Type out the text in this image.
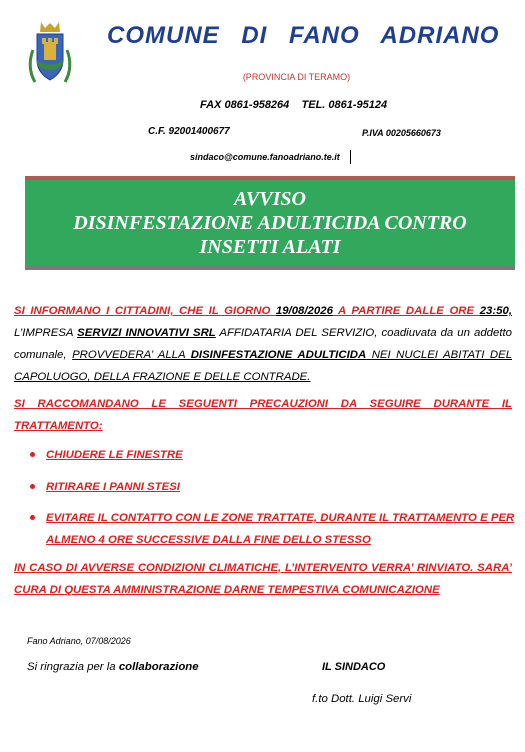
COMUNE DI FANO ADRIANO
(PROVINCIA DI TERAMO)
FAX 0861-958264    TEL. 0861-95124
C.F. 92001400677	P.IVA 00205660673
sindaco@comune.fanoadriano.te.it
AVVISO
DISINFESTAZIONE ADULTICIDA CONTRO
INSETTI ALATI
SI INFORMANO I CITTADINI, CHE IL GIORNO 19/08/2026 A PARTIRE DALLE ORE 23:50, L’IMPRESA SERVIZI INNOVATIVI SRL AFFIDATARIA DEL SERVIZIO, coadiuvata da un addetto comunale, PROVVEDERA’ ALLA DISINFESTAZIONE ADULTICIDA NEI NUCLEI ABITATI DEL CAPOLUOGO, DELLA FRAZIONE E DELLE CONTRADE.
SI RACCOMANDANO LE SEGUENTI PRECAUZIONI DA SEGUIRE DURANTE IL TRATTAMENTO:
CHIUDERE LE FINESTRE
RITIRARE I PANNI STESI
EVITARE IL CONTATTO CON LE ZONE TRATTATE, DURANTE IL TRATTAMENTO E PER ALMENO 4 ORE SUCCESSIVE DALLA FINE DELLO STESSO
IN CASO DI AVVERSE CONDIZIONI CLIMATICHE, L’INTERVENTO VERRA’ RINVIATO. SARA’ CURA DI QUESTA AMMINISTRAZIONE DARNE TEMPESTIVA COMUNICAZIONE
Fano Adriano, 07/08/2026
Si ringrazia per la collaborazione	IL SINDACO
f.to Dott. Luigi Servi
